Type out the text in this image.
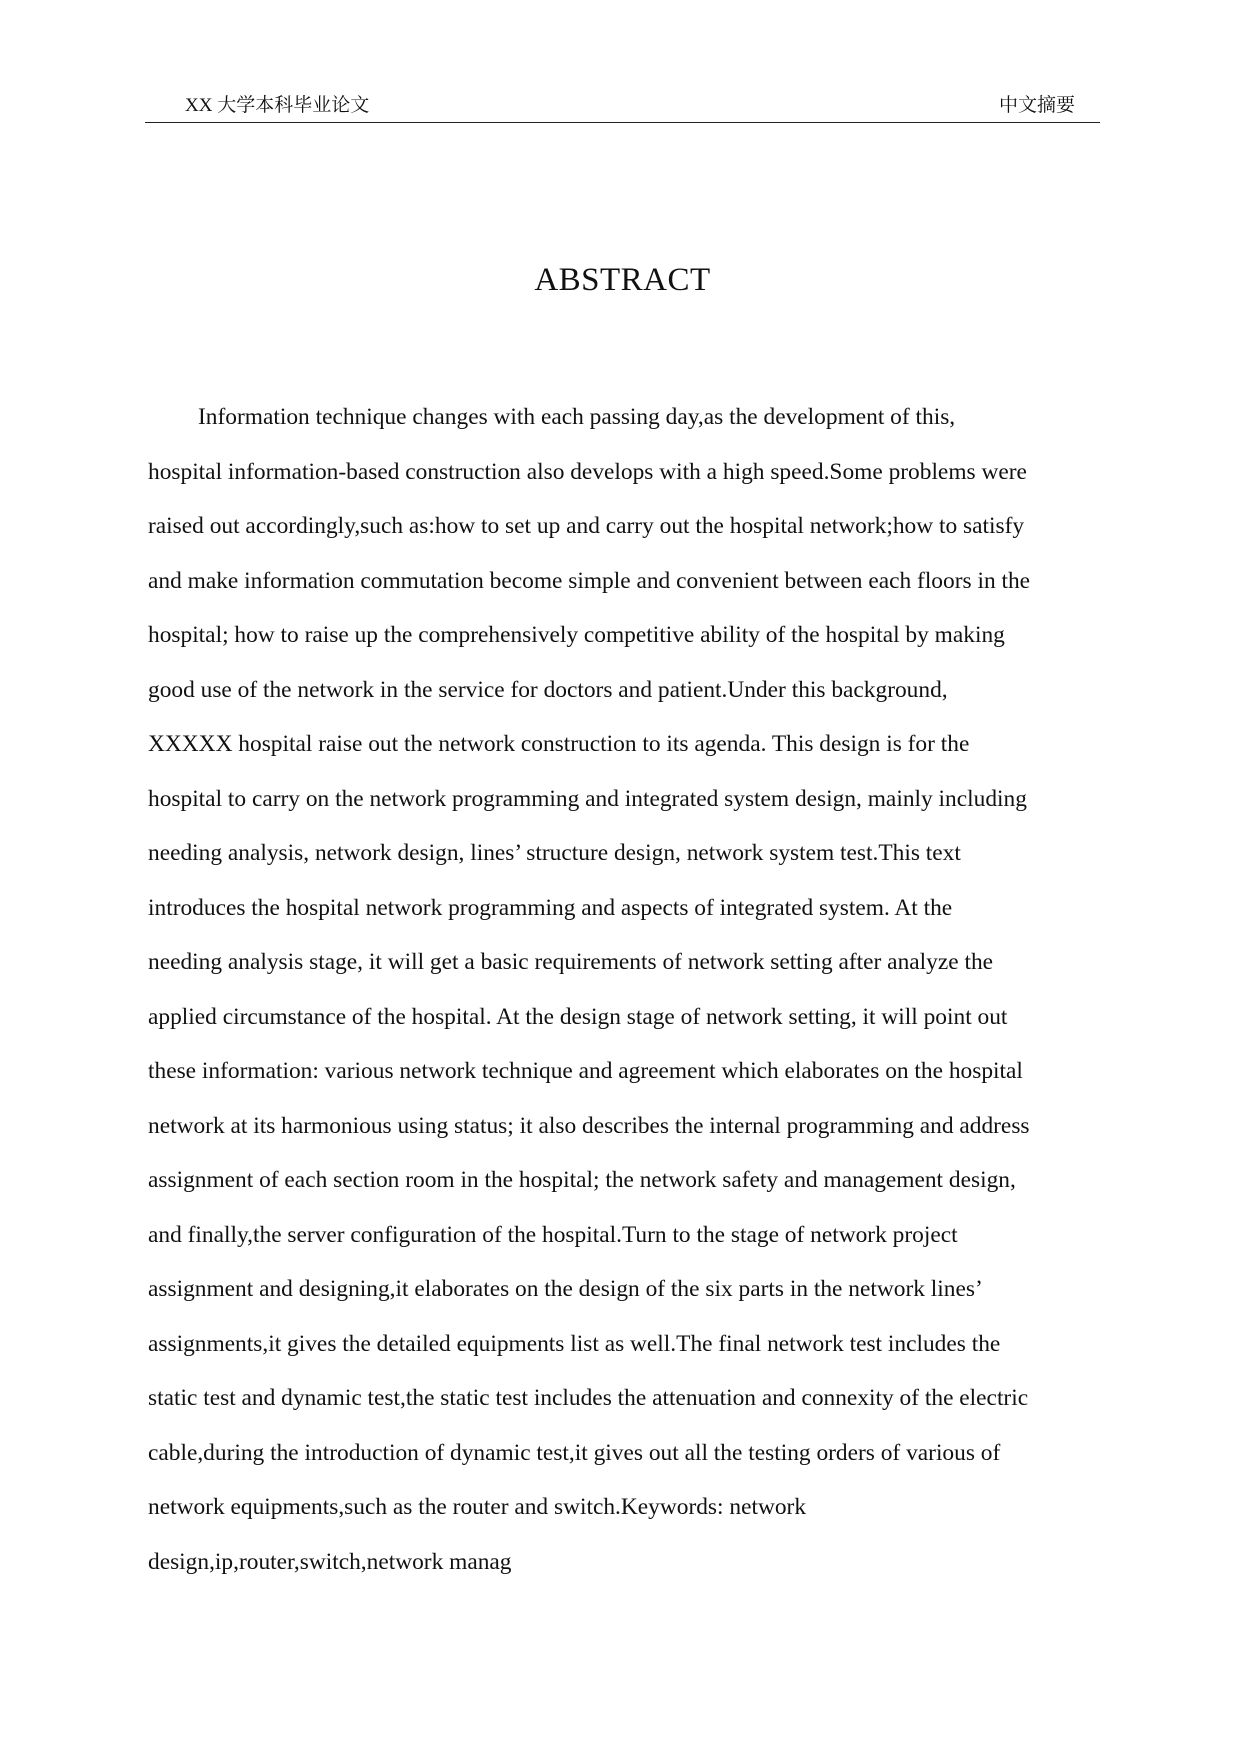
XX 大学本科毕业论文	中文摘要
ABSTRACT
Information technique changes with each passing day,as the development of this,
hospital information-based construction also develops with a high speed.Some problems were
raised out accordingly,such as:how to set up and carry out the hospital network;how to satisfy
and make information commutation become simple and convenient between each floors in the
hospital; how to raise up the comprehensively competitive ability of the hospital by making
good use of the network in the service for doctors and patient.Under this background,
XXXXX hospital raise out the network construction to its agenda. This design is for the
hospital to carry on the network programming and integrated system design, mainly including
needing analysis, network design, lines’ structure design, network system test.This text
introduces the hospital network programming and aspects of integrated system. At the
needing analysis stage, it will get a basic requirements of network setting after analyze the
applied circumstance of the hospital. At the design stage of network setting, it will point out
these information: various network technique and agreement which elaborates on the hospital
network at its harmonious using status; it also describes the internal programming and address
assignment of each section room in the hospital; the network safety and management design,
and finally,the server configuration of the hospital.Turn to the stage of network project
assignment and designing,it elaborates on the design of the six parts in the network lines’
assignments,it gives the detailed equipments list as well.The final network test includes the
static test and dynamic test,the static test includes the attenuation and connexity of the electric
cable,during the introduction of dynamic test,it gives out all the testing orders of various of
network equipments,such as the router and switch.Keywords: network
design,ip,router,switch,network manag
